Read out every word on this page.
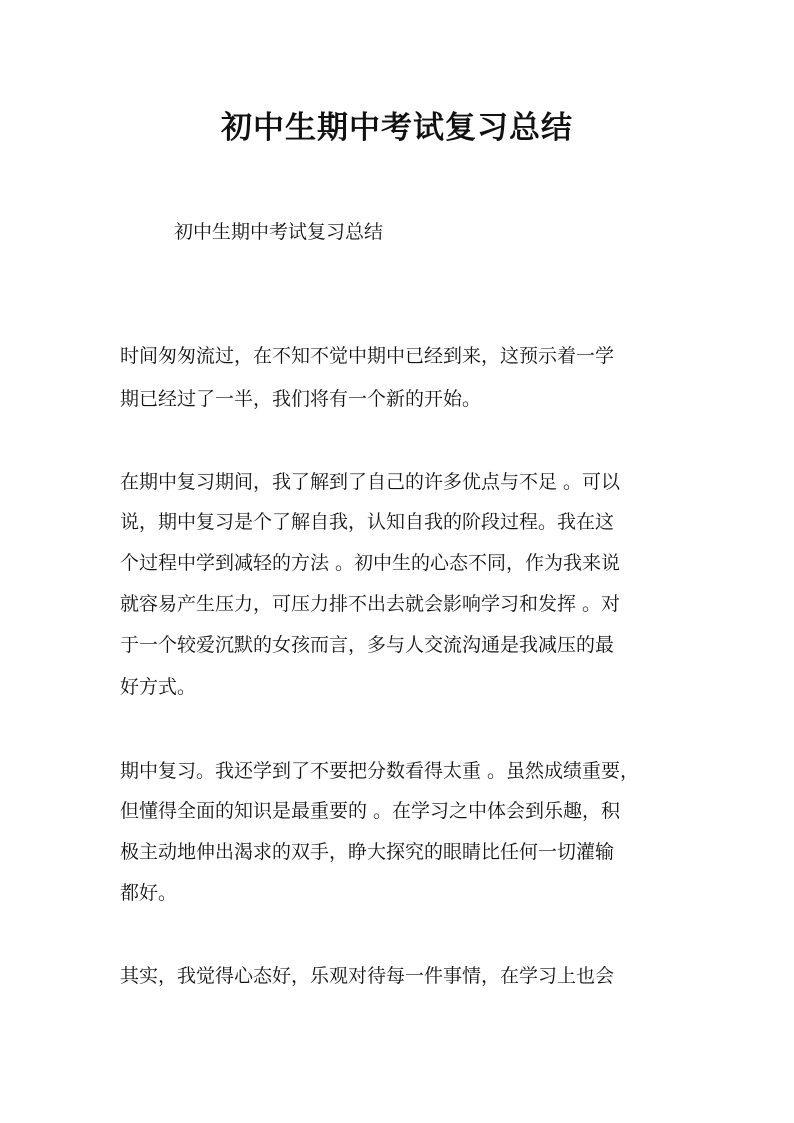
初中生期中考试复习总结
初中生期中考试复习总结
时间匆匆流过，在不知不觉中期中已经到来，这预示着一学
期已经过了一半，我们将有一个新的开始。
在期中复习期间，我了解到了自己的许多优点与不足 。可以
说，期中复习是个了解自我，认知自我的阶段过程。我在这
个过程中学到减轻的方法 。初中生的心态不同，作为我来说
就容易产生压力，可压力排不出去就会影响学习和发挥 。对
于一个较爱沉默的女孩而言，多与人交流沟通是我减压的最
好方式。
期中复习。我还学到了不要把分数看得太重 。虽然成绩重要，
但懂得全面的知识是最重要的 。在学习之中体会到乐趣，积
极主动地伸出渴求的双手，睁大探究的眼睛比任何一切灌输
都好。
其实，我觉得心态好，乐观对待每一件事情，在学习上也会
